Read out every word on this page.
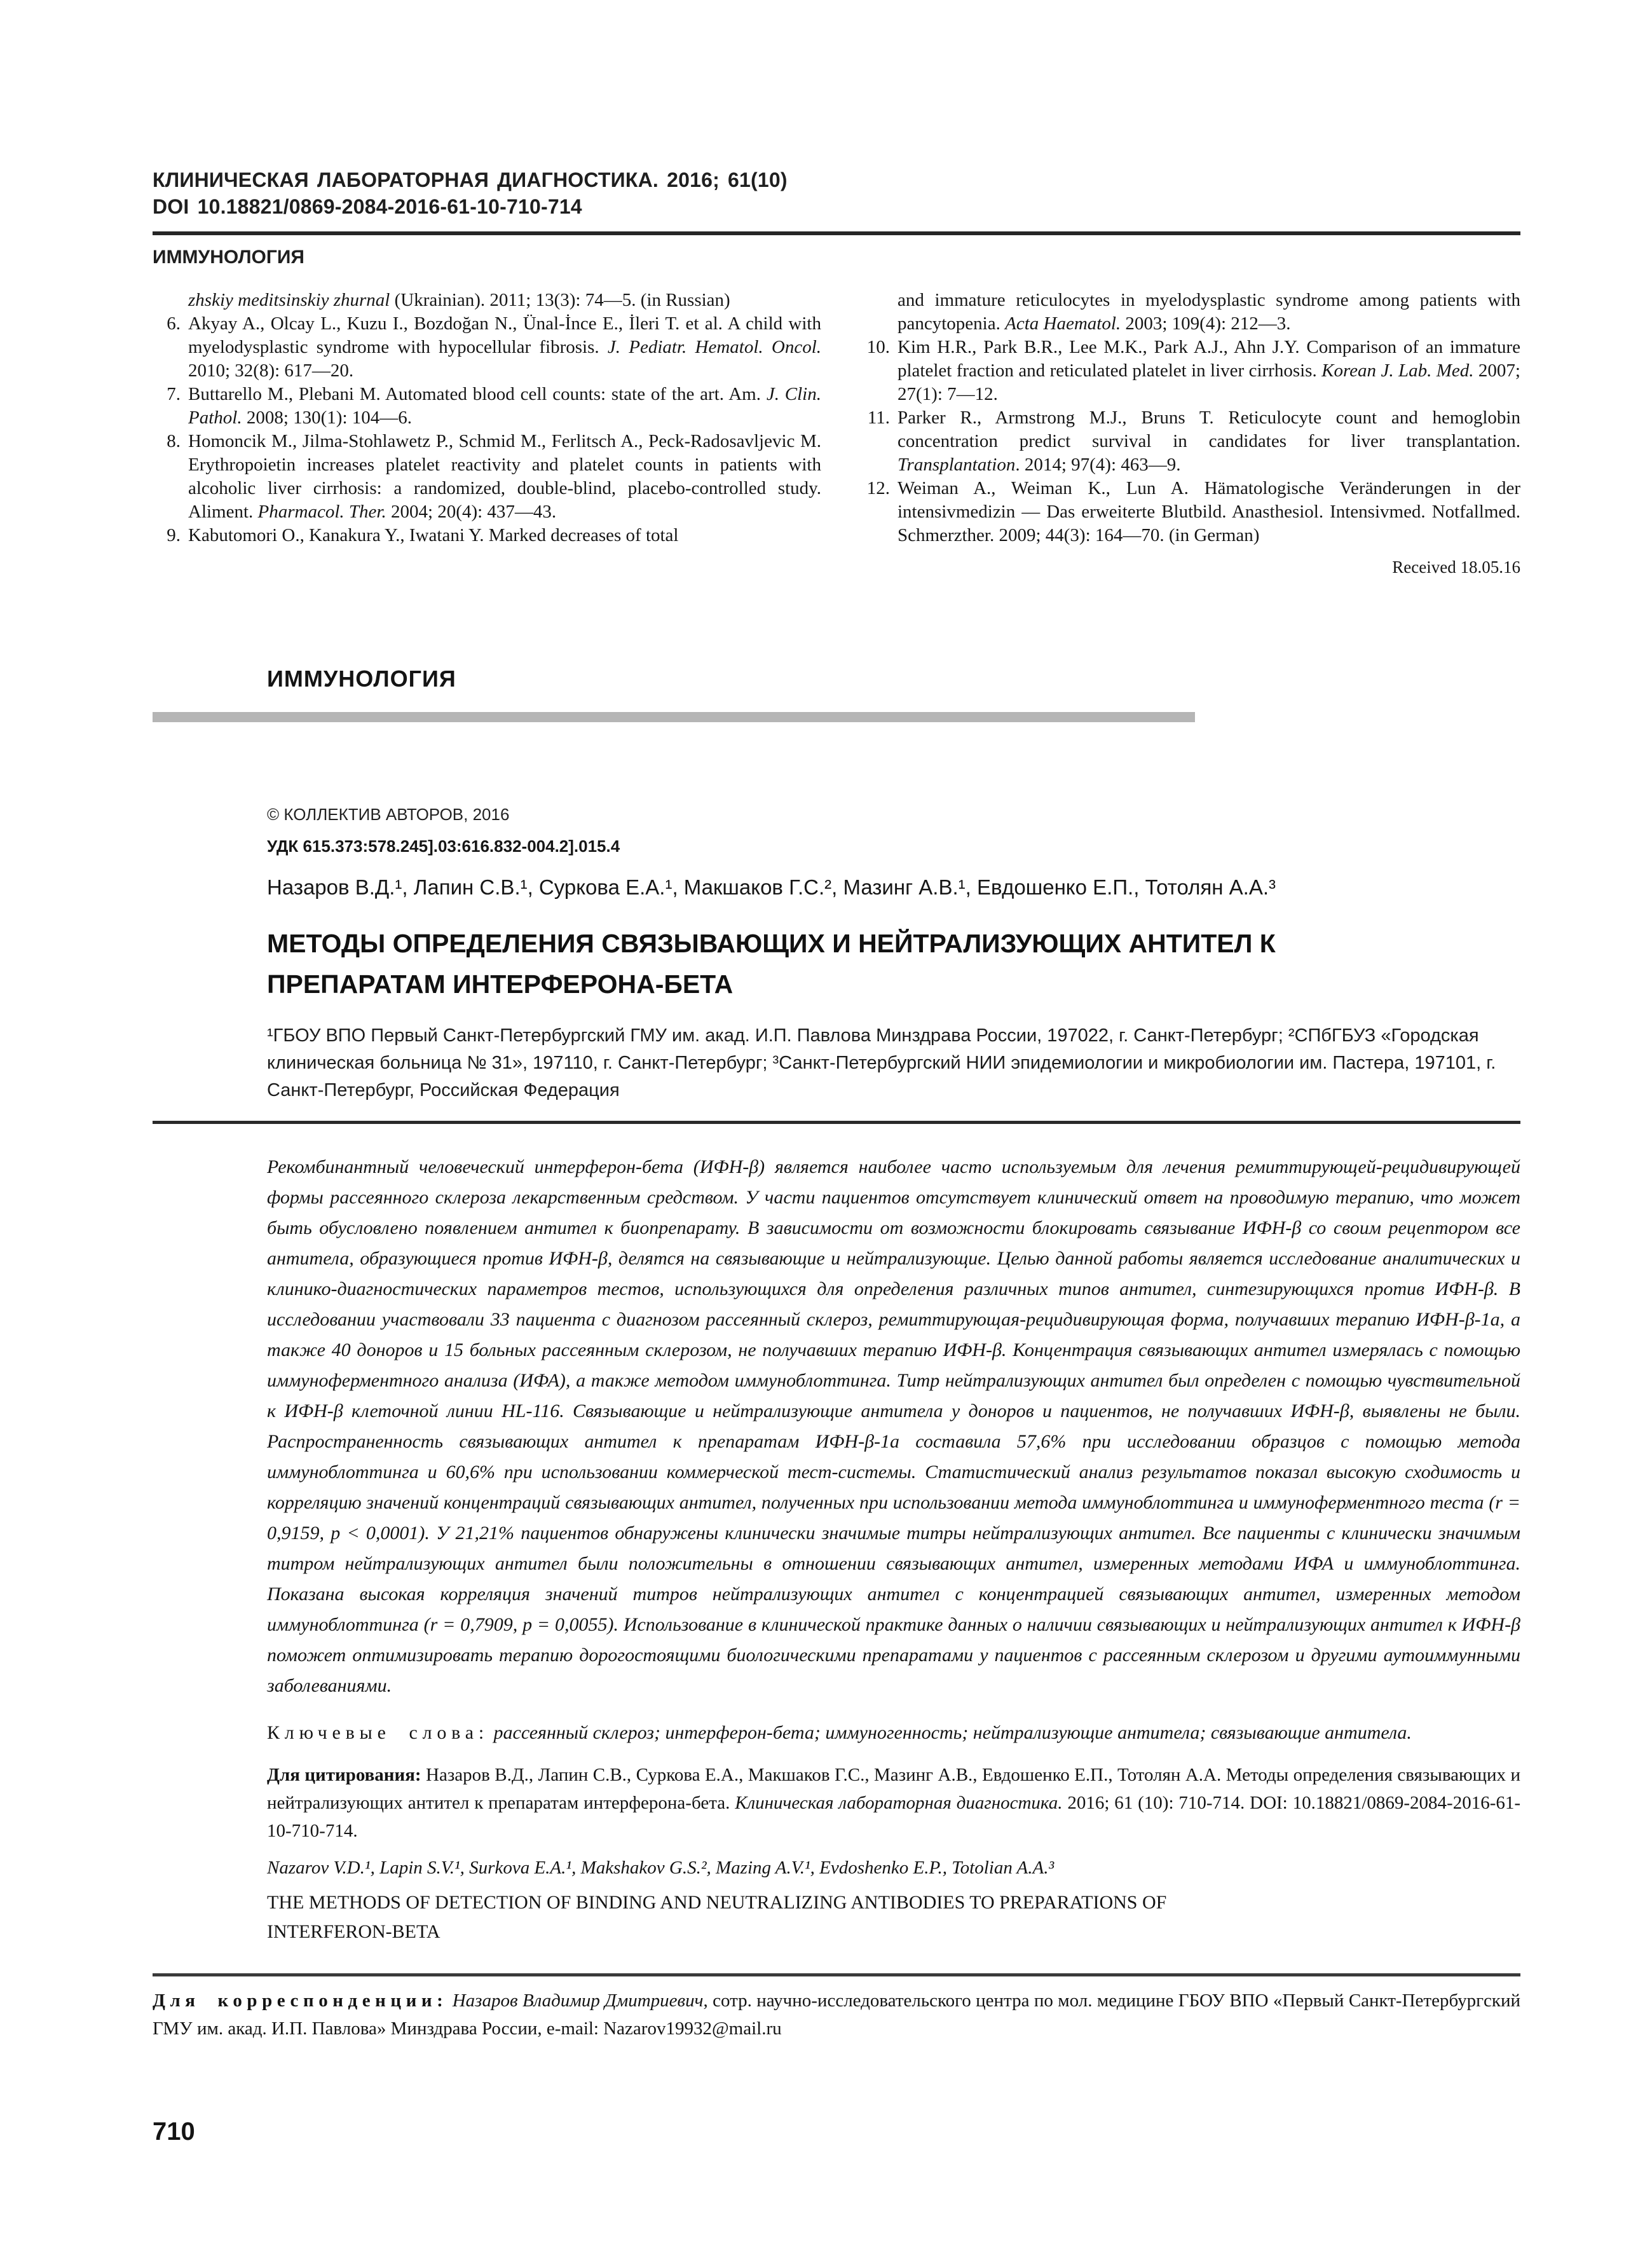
КЛИНИЧЕСКАЯ ЛАБОРАТОРНАЯ ДИАГНОСТИКА. 2016; 61(10)
DOI 10.18821/0869-2084-2016-61-10-710-714
ИММУНОЛОГИЯ
zhskiy meditsinskiy zhurnal (Ukrainian). 2011; 13(3): 74—5. (in Russian)
6. Akyay A., Olcay L., Kuzu I., Bozdoğan N., Ünal-İnce E., İleri T. et al. A child with myelodysplastic syndrome with hypocellular fibrosis. J. Pediatr. Hematol. Oncol. 2010; 32(8): 617—20.
7. Buttarello M., Plebani M. Automated blood cell counts: state of the art. Am. J. Clin. Pathol. 2008; 130(1): 104—6.
8. Homoncik M., Jilma-Stohlawetz P., Schmid M., Ferlitsch A., Peck-Radosavljevic M. Erythropoietin increases platelet reactivity and platelet counts in patients with alcoholic liver cirrhosis: a randomized, double-blind, placebo-controlled study. Aliment. Pharmacol. Ther. 2004; 20(4): 437—43.
9. Kabutomori O., Kanakura Y., Iwatani Y. Marked decreases of total
and immature reticulocytes in myelodysplastic syndrome among patients with pancytopenia. Acta Haematol. 2003; 109(4): 212—3.
10. Kim H.R., Park B.R., Lee M.K., Park A.J., Ahn J.Y. Comparison of an immature platelet fraction and reticulated platelet in liver cirrhosis. Korean J. Lab. Med. 2007; 27(1): 7—12.
11. Parker R., Armstrong M.J., Bruns T. Reticulocyte count and hemoglobin concentration predict survival in candidates for liver transplantation. Transplantation. 2014; 97(4): 463—9.
12. Weiman A., Weiman K., Lun A. Hämatologische Veränderungen in der intensivmedizin — Das erweiterte Blutbild. Anasthesiol. Intensivmed. Notfallmed. Schmerzther. 2009; 44(3): 164—70. (in German)
Received 18.05.16
ИММУНОЛОГИЯ
© КОЛЛЕКТИВ АВТОРОВ, 2016
УДК 615.373:578.245].03:616.832-004.2].015.4
Назаров В.Д.¹, Лапин С.В.¹, Суркова Е.А.¹, Макшаков Г.С.², Мазинг А.В.¹, Евдошенко Е.П., Тотолян А.А.³
МЕТОДЫ ОПРЕДЕЛЕНИЯ СВЯЗЫВАЮЩИХ И НЕЙТРАЛИЗУЮЩИХ АНТИТЕЛ К
ПРЕПАРАТАМ ИНТЕРФЕРОНА-БЕТА
¹ГБОУ ВПО Первый Санкт-Петербургский ГМУ им. акад. И.П. Павлова Минздрава России, 197022, г. Санкт-Петербург; ²СПбГБУЗ «Городская клиническая больница № 31», 197110, г. Санкт-Петербург; ³Санкт-Петербургский НИИ эпидемиологии и микробиологии им. Пастера, 197101, г. Санкт-Петербург, Российская Федерация

Рекомбинантный человеческий интерферон-бета (ИФН-β) является наиболее часто используемым для лечения ремиттирующей-рецидивирующей формы рассеянного склероза лекарственным средством. У части пациентов отсутствует клинический ответ на проводимую терапию, что может быть обусловлено появлением антител к биопрепарату. В зависимости от возможности блокировать связывание ИФН-β со своим рецептором все антитела, образующиеся против ИФН-β, делятся на связывающие и нейтрализующие. Целью данной работы является исследование аналитических и клинико-диагностических параметров тестов, использующихся для определения различных типов антител, синтезирующихся против ИФН-β. В исследовании участвовали 33 пациента с диагнозом рассеянный склероз, ремиттирующая-рецидивирующая форма, получавших терапию ИФН-β-1а, а также 40 доноров и 15 больных рассеянным склерозом, не получавших терапию ИФН-β. Концентрация связывающих антител измерялась с помощью иммуноферментного анализа (ИФА), а также методом иммуноблоттинга. Титр нейтрализующих антител был определен с помощью чувствительной к ИФН-β клеточной линии HL-116. Связывающие и нейтрализующие антитела у доноров и пациентов, не получавших ИФН-β, выявлены не были. Распространенность связывающих антител к препаратам ИФН-β-1а составила 57,6% при исследовании образцов с помощью метода иммуноблоттинга и 60,6% при использовании коммерческой тест-системы. Статистический анализ результатов показал высокую сходимость и корреляцию значений концентраций связывающих антител, полученных при использовании метода иммуноблоттинга и иммуноферментного теста (r = 0,9159, p < 0,0001). У 21,21% пациентов обнаружены клинически значимые титры нейтрализующих антител. Все пациенты с клинически значимым титром нейтрализующих антител были положительны в отношении связывающих антител, измеренных методами ИФА и иммуноблоттинга. Показана высокая корреляция значений титров нейтрализующих антител с концентрацией связывающих антител, измеренных методом иммуноблоттинга (r = 0,7909, p = 0,0055). Использование в клинической практике данных о наличии связывающих и нейтрализующих антител к ИФН-β поможет оптимизировать терапию дорогостоящими биологическими препаратами у пациентов с рассеянным склерозом и другими аутоиммунными заболеваниями.

Ключевые слова: рассеянный склероз; интерферон-бета; иммуногенность; нейтрализующие антитела; связывающие антитела.

Для цитирования: Назаров В.Д., Лапин С.В., Суркова Е.А., Макшаков Г.С., Мазинг А.В., Евдошенко Е.П., Тотолян А.А. Методы определения связывающих и нейтрализующих антител к препаратам интерферона-бета. Клиническая лабораторная диагностика. 2016; 61 (10): 710-714. DOI: 10.18821/0869-2084-2016-61-10-710-714.

Nazarov V.D.¹, Lapin S.V.¹, Surkova E.A.¹, Makshakov G.S.², Mazing A.V.¹, Evdoshenko E.P., Totolian A.A.³

THE METHODS OF DETECTION OF BINDING AND NEUTRALIZING ANTIBODIES TO PREPARATIONS OF
INTERFERON-BETA

Для корреспонденции: Назаров Владимир Дмитриевич, сотр. научно-исследовательского центра по мол. медицине ГБОУ ВПО «Первый Санкт-Петербургский ГМУ им. акад. И.П. Павлова» Минздрава России, e-mail: Nazarov19932@mail.ru

710
